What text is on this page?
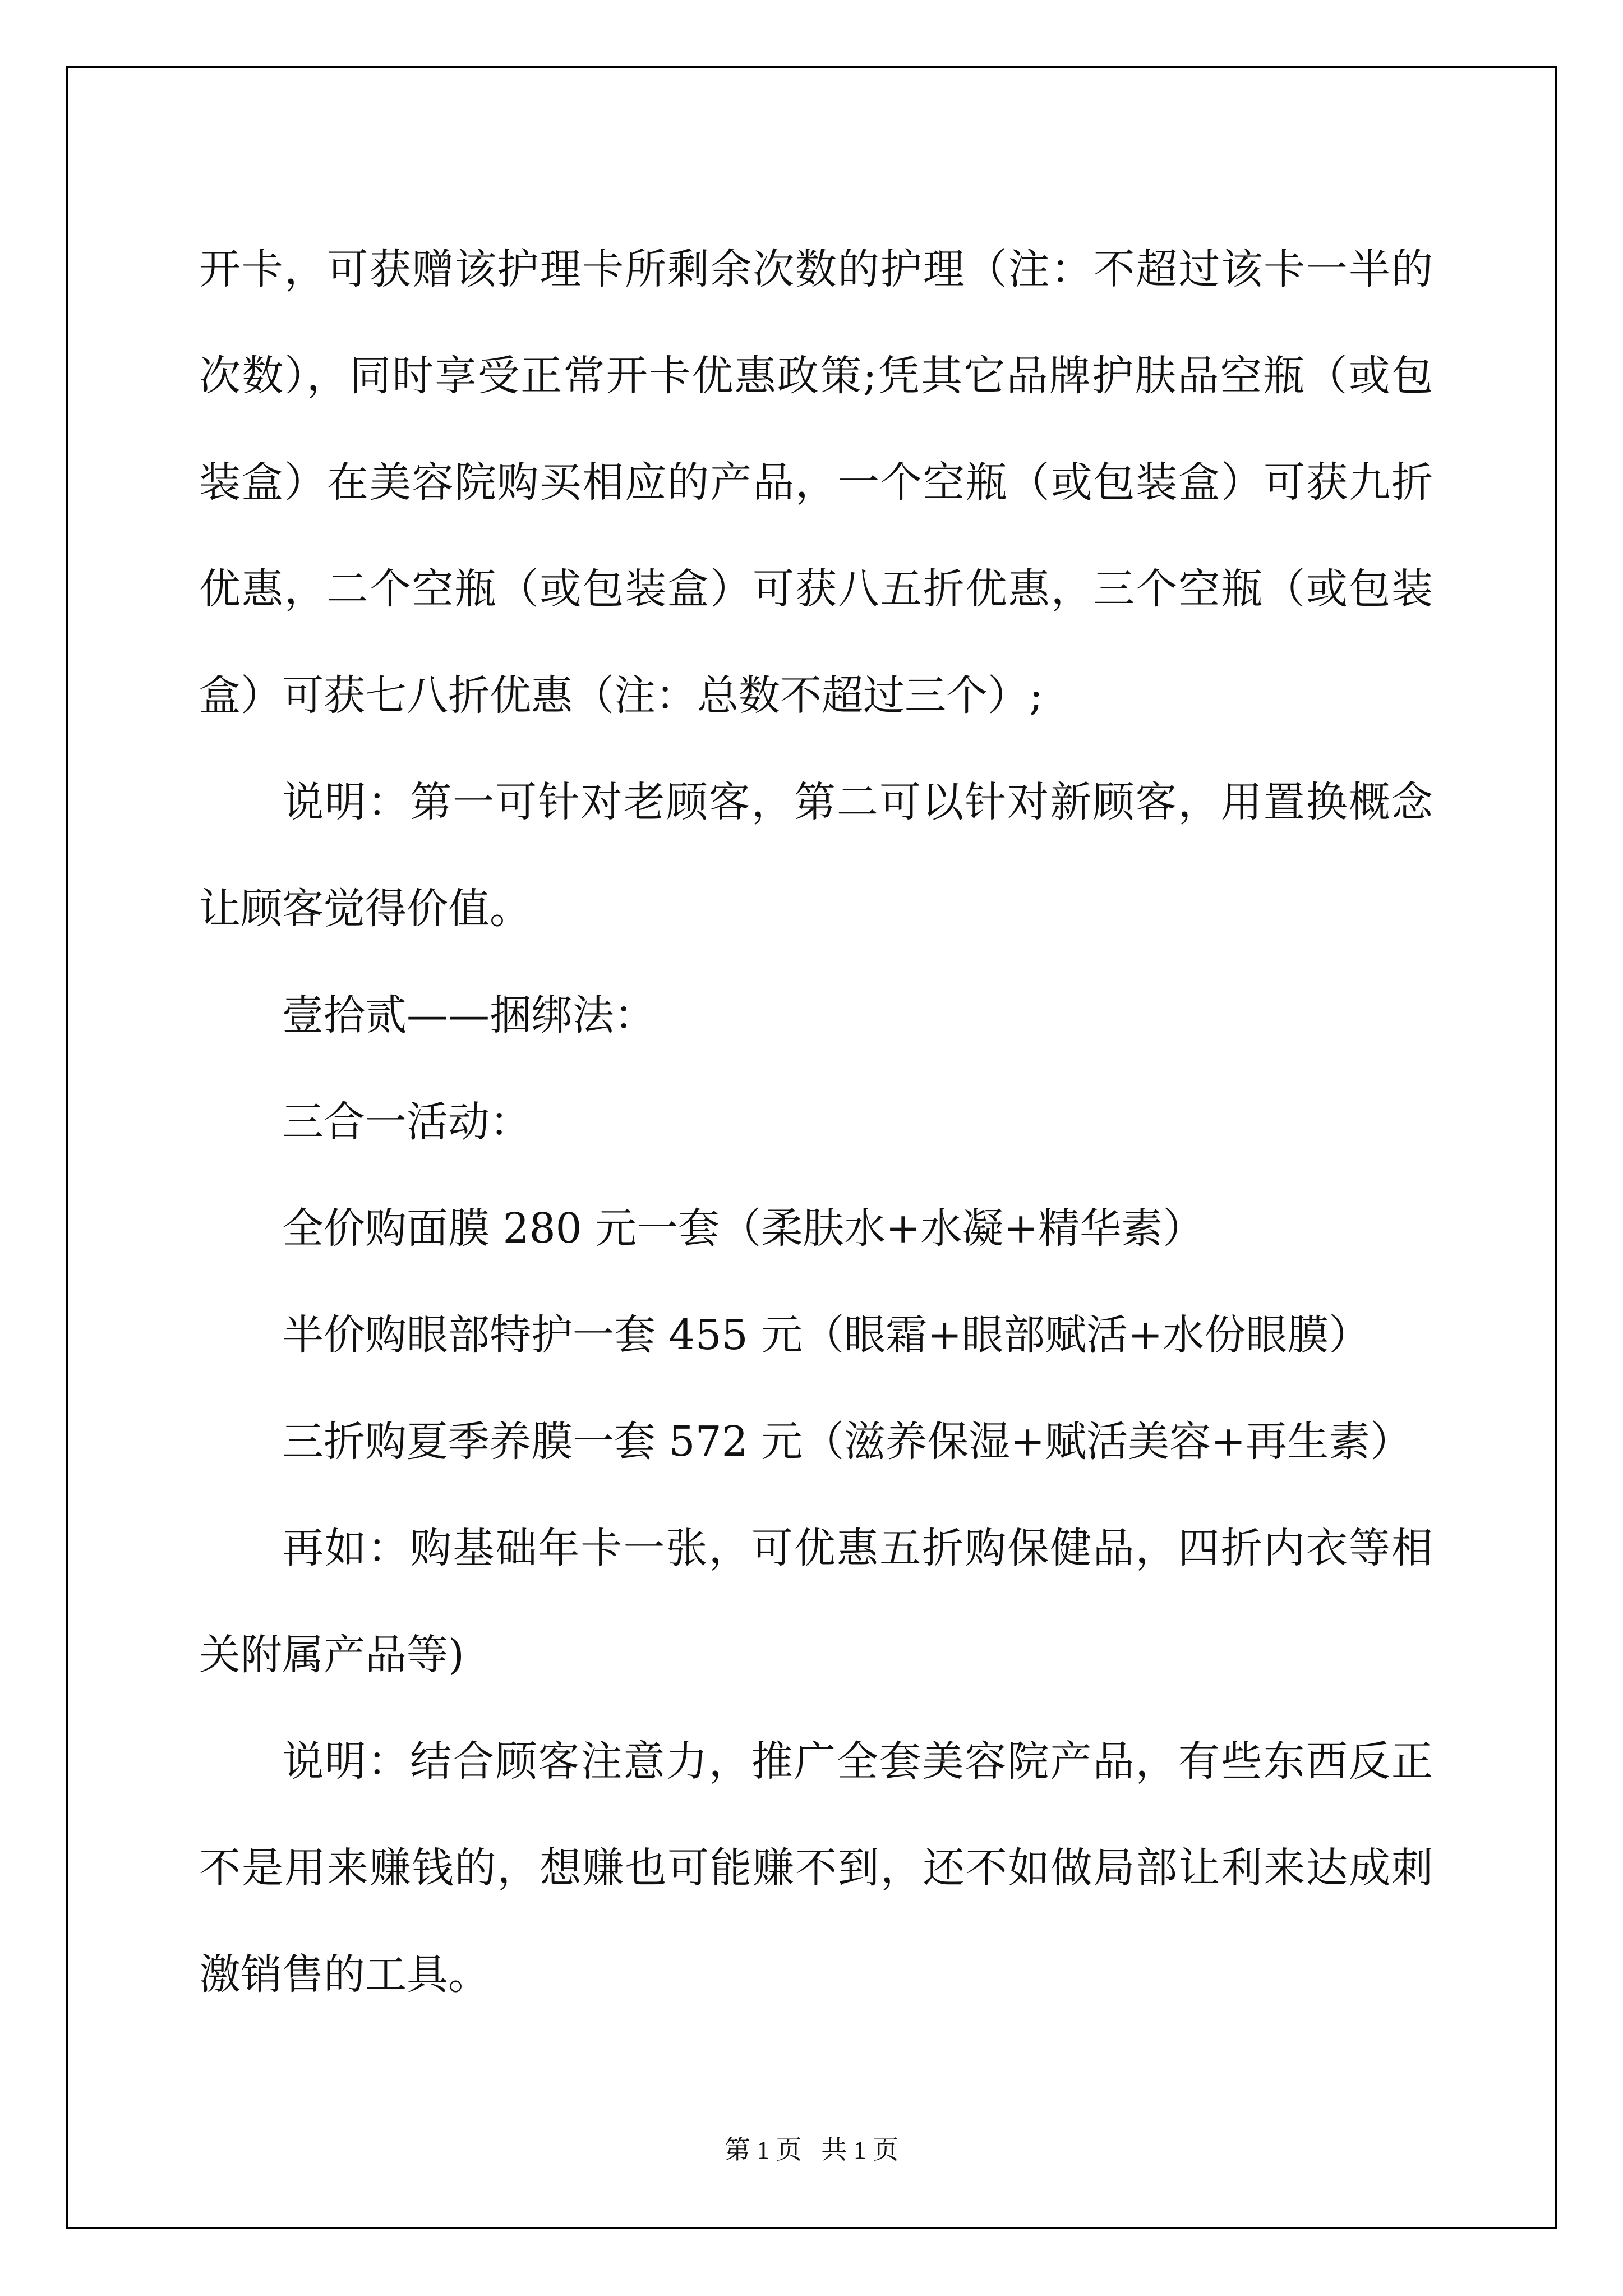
开卡，可获赠该护理卡所剩余次数的护理（注：不超过该卡一半的次数），同时享受正常开卡优惠政策;凭其它品牌护肤品空瓶（或包装盒）在美容院购买相应的产品，一个空瓶（或包装盒）可获九折优惠，二个空瓶（或包装盒）可获八五折优惠，三个空瓶（或包装盒）可获七八折优惠（注：总数不超过三个）;

说明：第一可针对老顾客，第二可以针对新顾客，用置换概念让顾客觉得价值。

壹拾贰——捆绑法：

三合一活动：

全价购面膜 280 元一套（柔肤水+水凝+精华素）

半价购眼部特护一套 455 元（眼霜+眼部赋活+水份眼膜）

三折购夏季养膜一套 572 元（滋养保湿+赋活美容+再生素）

再如：购基础年卡一张，可优惠五折购保健品，四折内衣等相关附属产品等)

说明：结合顾客注意力，推广全套美容院产品，有些东西反正不是用来赚钱的，想赚也可能赚不到，还不如做局部让利来达成刺激销售的工具。

第 1 页   共 1 页
